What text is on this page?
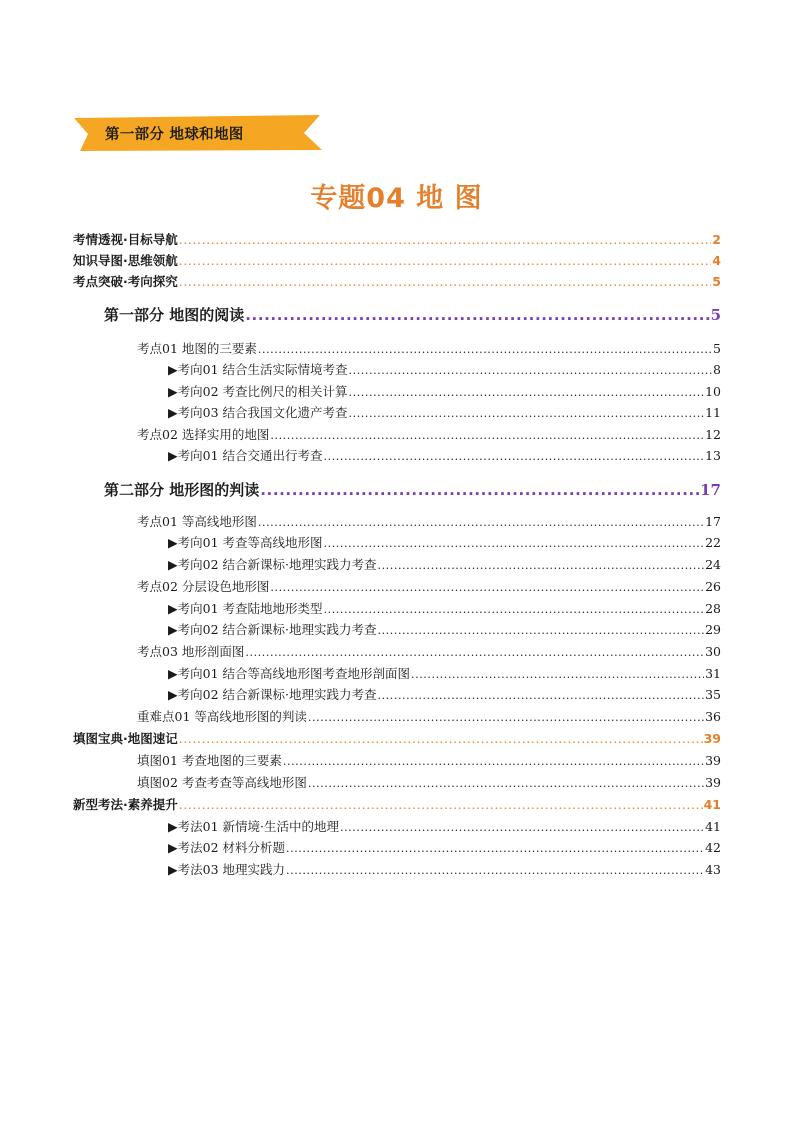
第一部分 地球和地图
专题04 地 图
考情透视·目标导航 .....	2
知识导图·思维领航 .....	4
考点突破·考向探究 .....	5
第一部分 地图的阅读 .....	5
考点01 地图的三要素 .....	5
▶考向01 结合生活实际情境考查 .....	8
▶考向02 考查比例尺的相关计算 .....	10
▶考向03 结合我国文化遗产考查 .....	11
考点02 选择实用的地图 .....	12
▶考向01 结合交通出行考查 .....	13
第二部分 地形图的判读 .....	17
考点01 等高线地形图 .....	17
▶考向01 考查等高线地形图 .....	22
▶考向02 结合新课标·地理实践力考查 .....	24
考点02 分层设色地形图 .....	26
▶考向01 考查陆地地形类型 .....	28
▶考向02 结合新课标·地理实践力考查 .....	29
考点03 地形剖面图 .....	30
▶考向01 结合等高线地形图考查地形剖面图 .....	31
▶考向02 结合新课标·地理实践力考查 .....	35
重难点01 等高线地形图的判读 .....	36
填图宝典·地图速记 .....	39
填图01 考查地图的三要素 .....	39
填图02 考查考查等高线地形图 .....	39
新型考法·素养提升 .....	41
▶考法01 新情境·生活中的地理 .....	41
▶考法02 材料分析题 .....	42
▶考法03 地理实践力 .....	43
